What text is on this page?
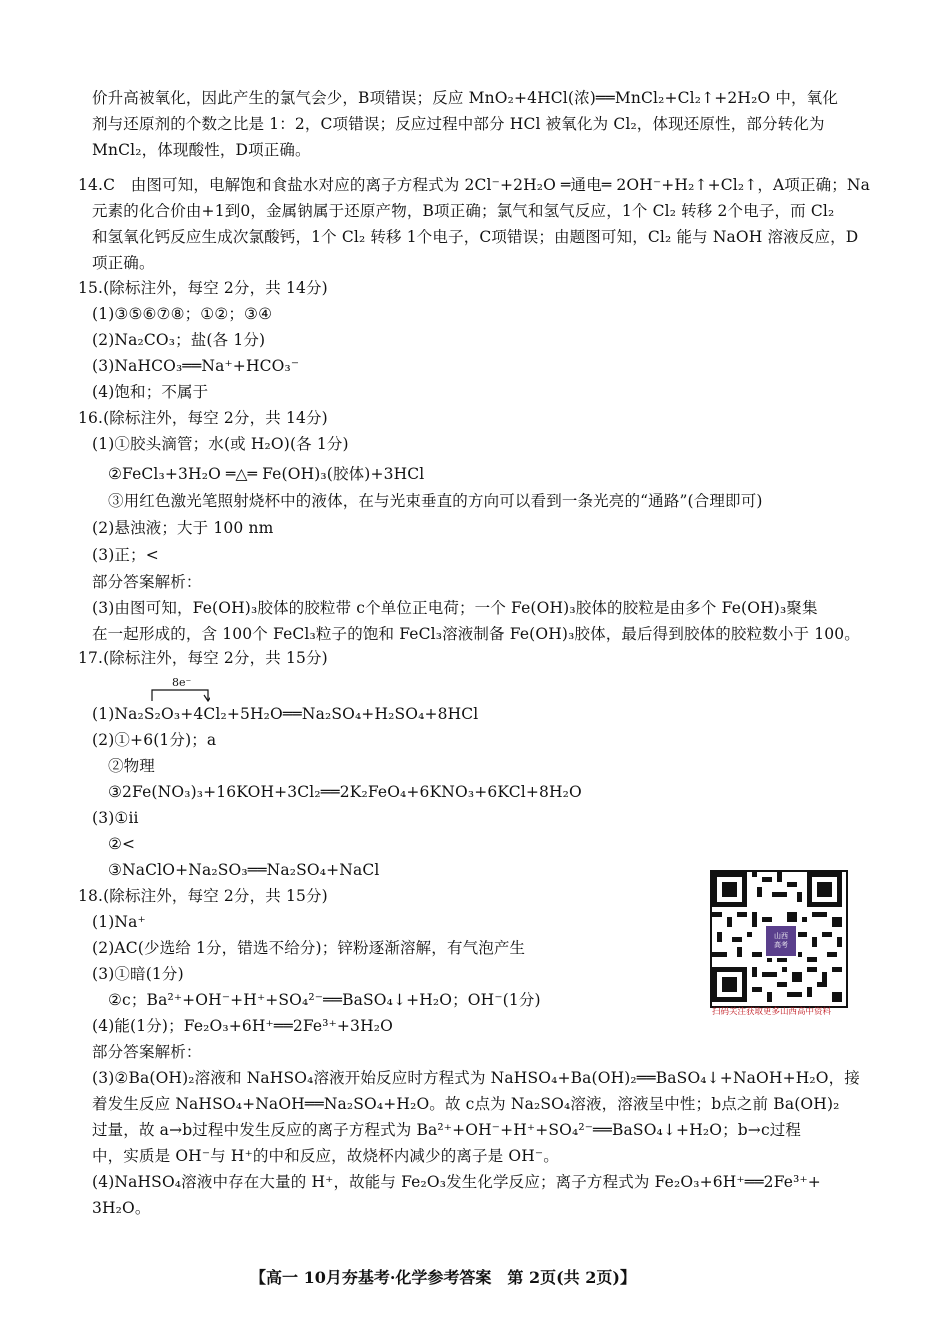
价升高被氧化，因此产生的氯气会少，B项错误；反应 MnO₂+4HCl(浓)══MnCl₂+Cl₂↑+2H₂O 中，氧化
剂与还原剂的个数之比是 1：2，C项错误；反应过程中部分 HCl 被氧化为 Cl₂，体现还原性，部分转化为
MnCl₂，体现酸性，D项正确。
14.C　由图可知，电解饱和食盐水对应的离子方程式为 2Cl⁻+2H₂O ═通电═ 2OH⁻+H₂↑+Cl₂↑，A项正确；Na
元素的化合价由+1到0，金属钠属于还原产物，B项正确；氯气和氢气反应，1个 Cl₂ 转移 2个电子，而 Cl₂
和氢氧化钙反应生成次氯酸钙，1个 Cl₂ 转移 1个电子，C项错误；由题图可知，Cl₂ 能与 NaOH 溶液反应，D
项正确。
15.(除标注外，每空 2分，共 14分)
(1)③⑤⑥⑦⑧；①②；③④
(2)Na₂CO₃；盐(各 1分)
(3)NaHCO₃══Na⁺+HCO₃⁻
(4)饱和；不属于
16.(除标注外，每空 2分，共 14分)
(1)①胶头滴管；水(或 H₂O)(各 1分)
②FeCl₃+3H₂O ═△═ Fe(OH)₃(胶体)+3HCl
③用红色激光笔照射烧杯中的液体，在与光束垂直的方向可以看到一条光亮的“通路”(合理即可)
(2)悬浊液；大于 100 nm
(3)正；<
部分答案解析：
(3)由图可知，Fe(OH)₃胶体的胶粒带 c个单位正电荷；一个 Fe(OH)₃胶体的胶粒是由多个 Fe(OH)₃聚集
在一起形成的，含 100个 FeCl₃粒子的饱和 FeCl₃溶液制备 Fe(OH)₃胶体，最后得到胶体的胶粒数小于 100。
17.(除标注外，每空 2分，共 15分)
8e⁻
(1)Na₂S₂O₃+4Cl₂+5H₂O══Na₂SO₄+H₂SO₄+8HCl
(2)①+6(1分)；a
②物理
③2Fe(NO₃)₃+16KOH+3Cl₂══2K₂FeO₄+6KNO₃+6KCl+8H₂O
(3)①ii
②<
③NaClO+Na₂SO₃══Na₂SO₄+NaCl
18.(除标注外，每空 2分，共 15分)
(1)Na⁺
(2)AC(少选给 1分，错选不给分)；锌粉逐渐溶解，有气泡产生
(3)①暗(1分)
②c；Ba²⁺+OH⁻+H⁺+SO₄²⁻══BaSO₄↓+H₂O；OH⁻(1分)
(4)能(1分)；Fe₂O₃+6H⁺══2Fe³⁺+3H₂O
部分答案解析：
(3)②Ba(OH)₂溶液和 NaHSO₄溶液开始反应时方程式为 NaHSO₄+Ba(OH)₂══BaSO₄↓+NaOH+H₂O，接
着发生反应 NaHSO₄+NaOH══Na₂SO₄+H₂O。故 c点为 Na₂SO₄溶液，溶液呈中性；b点之前 Ba(OH)₂
过量，故 a→b过程中发生反应的离子方程式为 Ba²⁺+OH⁻+H⁺+SO₄²⁻══BaSO₄↓+H₂O；b→c过程
中，实质是 OH⁻与 H⁺的中和反应，故烧杯内减少的离子是 OH⁻。
(4)NaHSO₄溶液中存在大量的 H⁺，故能与 Fe₂O₃发生化学反应；离子方程式为 Fe₂O₃+6H⁺══2Fe³⁺+
3H₂O。
山西
高考
扫码关注获取更多山西高中资料
【高一 10月夯基考·化学参考答案　第 2页(共 2页)】
